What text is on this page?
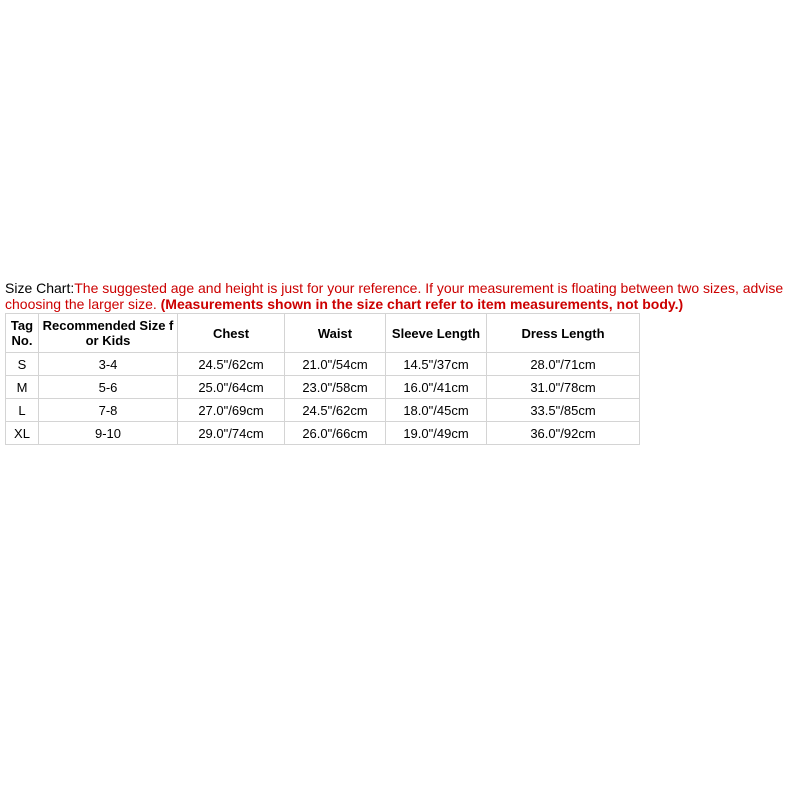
Size Chart:The suggested age and height is just for your reference. If your measurement is floating between two sizes, advise choosing the larger size. (Measurements shown in the size chart refer to item measurements, not body.)

Tag No.	Recommended Size f or Kids	Chest	Waist	Sleeve Length	Dress Length
S	3-4	24.5"/62cm	21.0"/54cm	14.5"/37cm	28.0"/71cm
M	5-6	25.0"/64cm	23.0"/58cm	16.0"/41cm	31.0"/78cm
L	7-8	27.0"/69cm	24.5"/62cm	18.0"/45cm	33.5"/85cm
XL	9-10	29.0"/74cm	26.0"/66cm	19.0"/49cm	36.0"/92cm
